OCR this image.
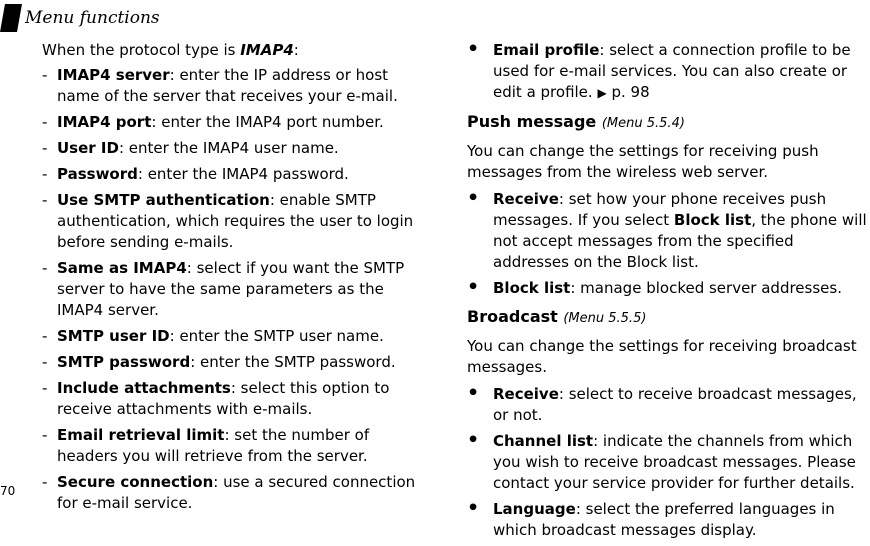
Menu functions

When the protocol type is IMAP4:

- IMAP4 server: enter the IP address or host name of the server that receives your e-mail.
- IMAP4 port: enter the IMAP4 port number.
- User ID: enter the IMAP4 user name.
- Password: enter the IMAP4 password.
- Use SMTP authentication: enable SMTP authentication, which requires the user to login before sending e-mails.
- Same as IMAP4: select if you want the SMTP server to have the same parameters as the IMAP4 server.
- SMTP user ID: enter the SMTP user name.
- SMTP password: enter the SMTP password.
- Include attachments: select this option to receive attachments with e-mails.
- Email retrieval limit: set the number of headers you will retrieve from the server.
- Secure connection: use a secured connection for e-mail service.
• Email profile: select a connection profile to be used for e-mail services. You can also create or edit a profile. ▶ p. 98
Push message (Menu 5.5.4)

You can change the settings for receiving push messages from the wireless web server.

• Receive: set how your phone receives push messages. If you select Block list, the phone will not accept messages from the specified addresses on the Block list.
• Block list: manage blocked server addresses.
Broadcast (Menu 5.5.5)

You can change the settings for receiving broadcast messages.

• Receive: select to receive broadcast messages, or not.
• Channel list: indicate the channels from which you wish to receive broadcast messages. Please contact your service provider for further details.
• Language: select the preferred languages in which broadcast messages display.
70
